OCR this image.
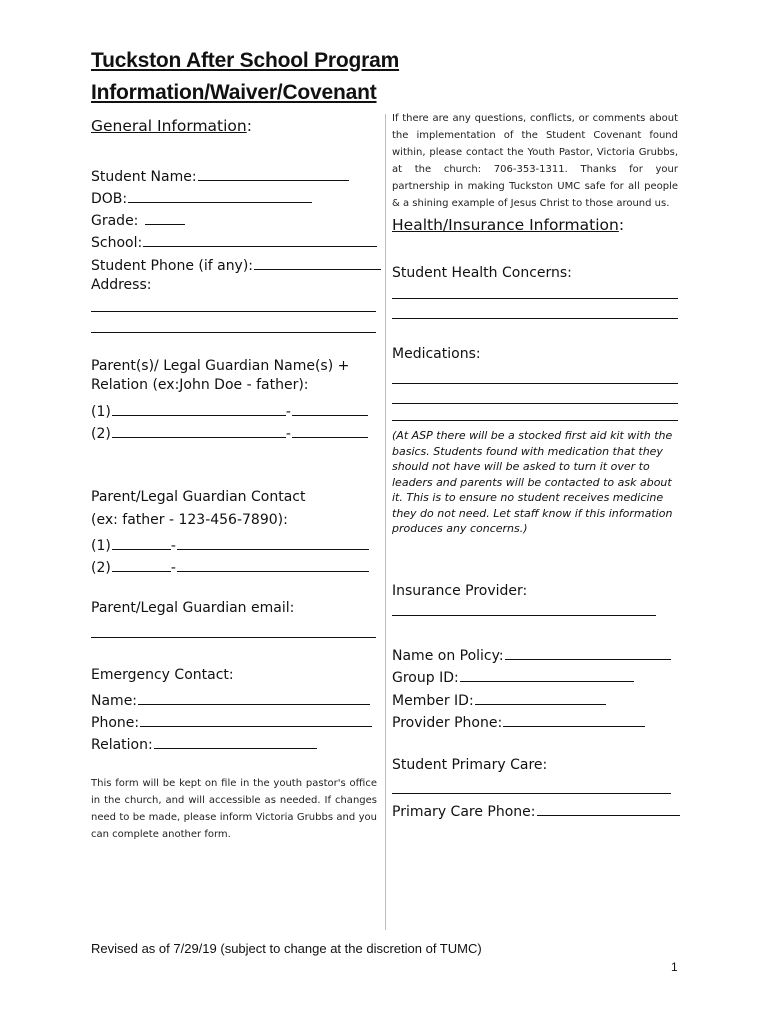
Tuckston After School Program
Information/Waiver/Covenant
General Information:
Student Name:
DOB:
Grade:
School:
Student Phone (if any):
Address:
Parent(s)/ Legal Guardian Name(s) +
Relation (ex:John Doe - father):
(1)	-
(2)	-
Parent/Legal Guardian Contact
(ex: father - 123-456-7890):
(1)	-
(2)	-
Parent/Legal Guardian email:
Emergency Contact:
Name:
Phone:
Relation:
This form will be kept on file in the youth pastor's office in the church, and will accessible as needed. If changes need to be made, please inform Victoria Grubbs and you can complete another form.
If there are any questions, conflicts, or comments about the implementation of the Student Covenant found within, please contact the Youth Pastor, Victoria Grubbs, at the church: 706-353-1311. Thanks for your partnership in making Tuckston UMC safe for all people & a shining example of Jesus Christ to those around us.
Health/Insurance Information:
Student Health Concerns:
Medications:
(At ASP there will be a stocked first aid kit with the basics. Students found with medication that they should not have will be asked to turn it over to leaders and parents will be contacted to ask about it. This is to ensure no student receives medicine they do not need. Let staff know if this information produces any concerns.)
Insurance Provider:
Name on Policy:
Group ID:
Member ID:
Provider Phone:
Student Primary Care:
Primary Care Phone:
Revised as of 7/29/19 (subject to change at the discretion of TUMC)
1
